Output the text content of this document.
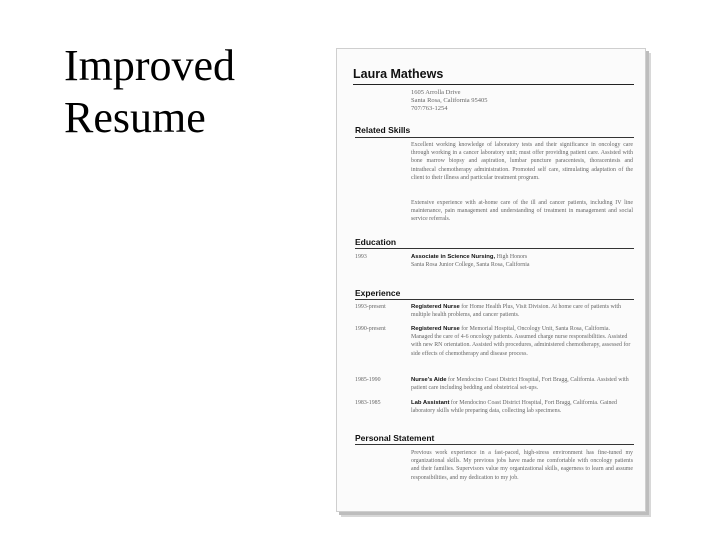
Improved
Resume
Laura Mathews
1605 Arrolla Drive
Santa Rosa, California 95405
707/763-1254
Related Skills
Excellent working knowledge of laboratory tests and their significance in oncology care through working in a cancer laboratory unit; must offer providing patient care. Assisted with bone marrow biopsy and aspiration, lumbar puncture paracentesis, thoracentesis and intrathecal chemotherapy administration. Promoted self care, stimulating adaptation of the client to their illness and particular treatment program.
Extensive experience with at-home care of the ill and cancer patients, including IV line maintenance, pain management and understanding of treatment in management and social service referrals.
Education
1993	Associate in Science Nursing, High Honors
Santa Rosa Junior College, Santa Rosa, California
Experience
1993-present	Registered Nurse for Home Health Plus, Visit Division. At home care of patients with multiple health problems, and cancer patients.
1990-present	Registered Nurse for Memorial Hospital, Oncology Unit, Santa Rosa, California. Managed the care of 4-6 oncology patients. Assumed charge nurse responsibilities. Assisted with new RN orientation. Assisted with procedures, administered chemotherapy, assessed for side effects of chemotherapy and disease process.
1985-1990	Nurse's Aide for Mendocino Coast District Hospital, Fort Bragg, California. Assisted with patient care including bedding and obstetrical set-ups.
1983-1985	Lab Assistant for Mendocino Coast District Hospital, Fort Bragg, California. Gained laboratory skills while preparing data, collecting lab specimens.
Personal Statement
Previous work experience in a fast-paced, high-stress environment has fine-tuned my organizational skills. My previous jobs have made me comfortable with oncology patients and their families. Supervisors value my organizational skills, eagerness to learn and assume responsibilities, and my dedication to my job.
